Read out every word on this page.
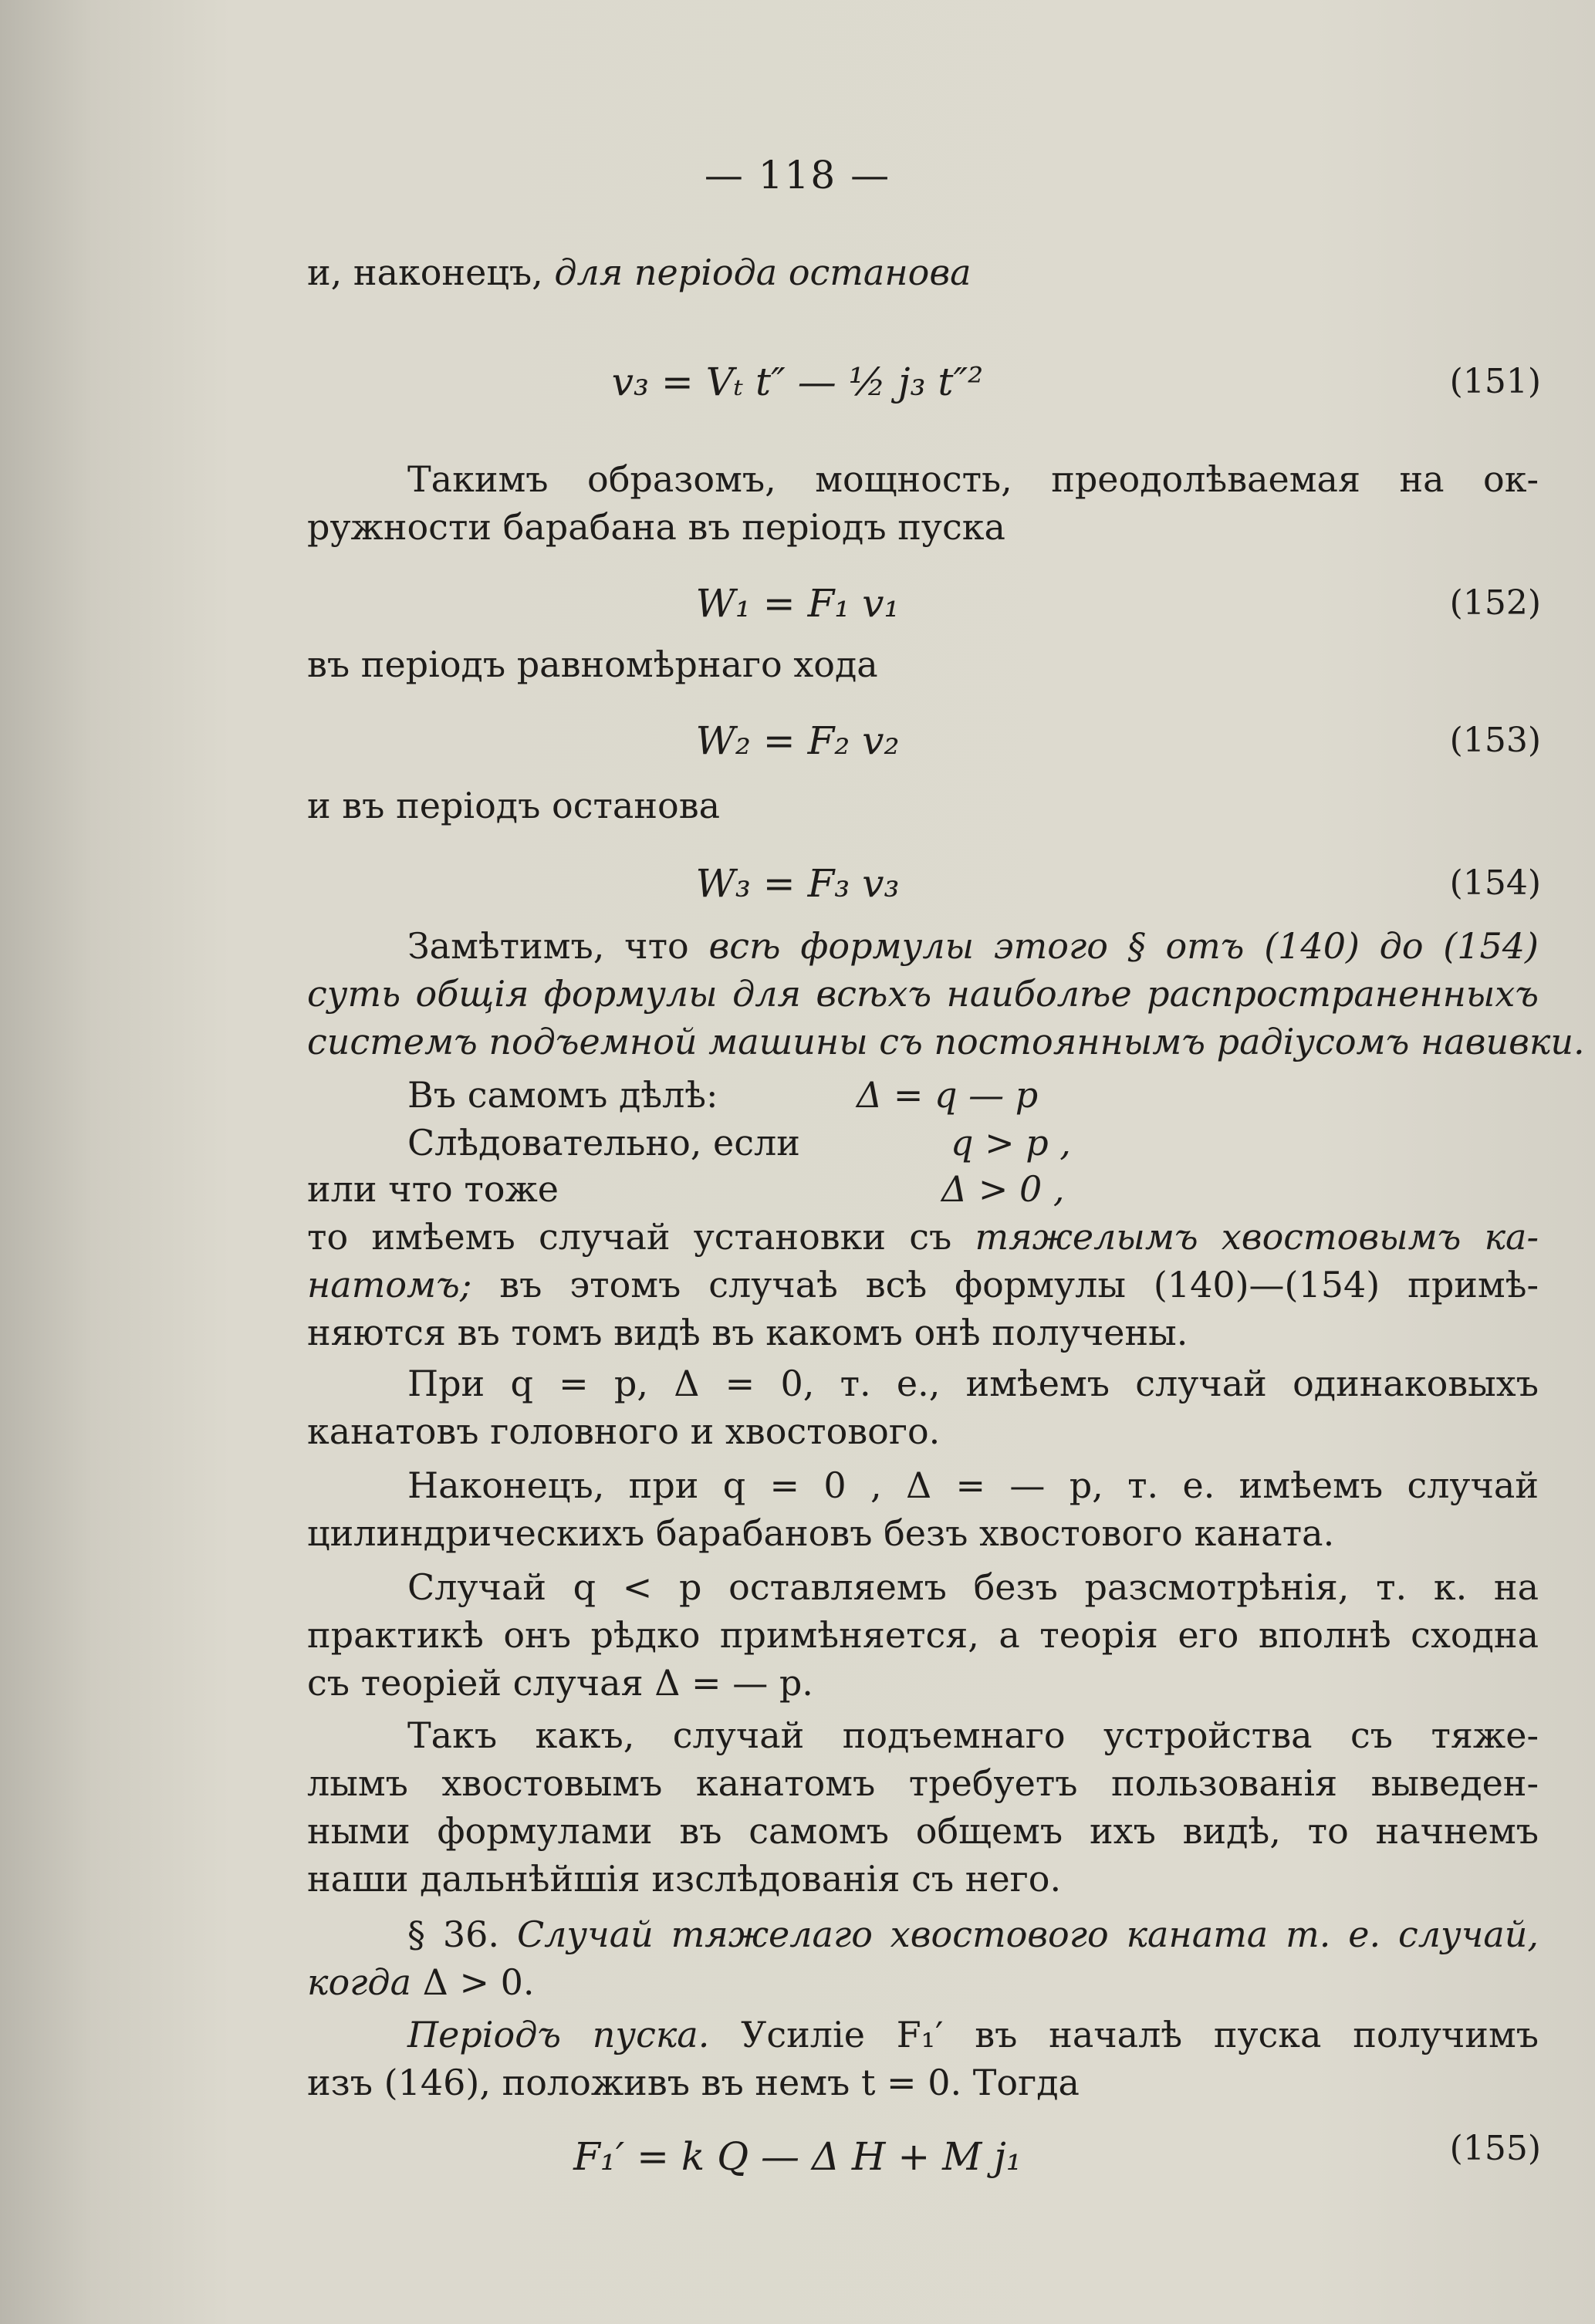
— 118 —
и, наконецъ, для періода останова
v₃ = Vₜ t″ — ½ j₃ t″²	(151)
Такимъ образомъ, мощность, преодолѣваемая на ок-
ружности барабана въ періодъ пуска
W₁ = F₁ v₁	(152)
въ періодъ равномѣрнаго хода
W₂ = F₂ v₂	(153)
и въ періодъ останова
W₃ = F₃ v₃	(154)
Замѣтимъ, что всѣ формулы этого § отъ (140) до (154)
суть общія формулы для всѣхъ наиболѣе распространенныхъ
системъ подъемной машины съ постояннымъ радіусомъ навивки.
Въ самомъ дѣлѣ:	Δ = q — p
Слѣдовательно, если	q > p ,
или что тоже	Δ > 0 ,
то имѣемъ случай установки съ тяжелымъ хвостовымъ ка-
натомъ; въ этомъ случаѣ всѣ формулы (140)—(154) примѣ-
няются въ томъ видѣ въ какомъ онѣ получены.
При q = p, Δ = 0, т. е., имѣемъ случай одинаковыхъ
канатовъ головного и хвостового.
Наконецъ, при q = 0 , Δ = — p, т. е. имѣемъ случай
цилиндрическихъ барабановъ безъ хвостового каната.
Случай q < p оставляемъ безъ разсмотрѣнія, т. к. на
практикѣ онъ рѣдко примѣняется, а теорія его вполнѣ сходна
съ теоріей случая Δ = — p.
Такъ какъ, случай подъемнаго устройства съ тяже-
лымъ хвостовымъ канатомъ требуетъ пользованія выведен-
ными формулами въ самомъ общемъ ихъ видѣ, то начнемъ
наши дальнѣйшія изслѣдованія съ него.
§ 36. Случай тяжелаго хвостового каната т. е. случай,
когда Δ > 0.
Періодъ пуска. Усиліе F₁′ въ началѣ пуска получимъ
изъ (146), положивъ въ немъ t = 0. Тогда
F₁′ = k Q — Δ H + M j₁	(155)
